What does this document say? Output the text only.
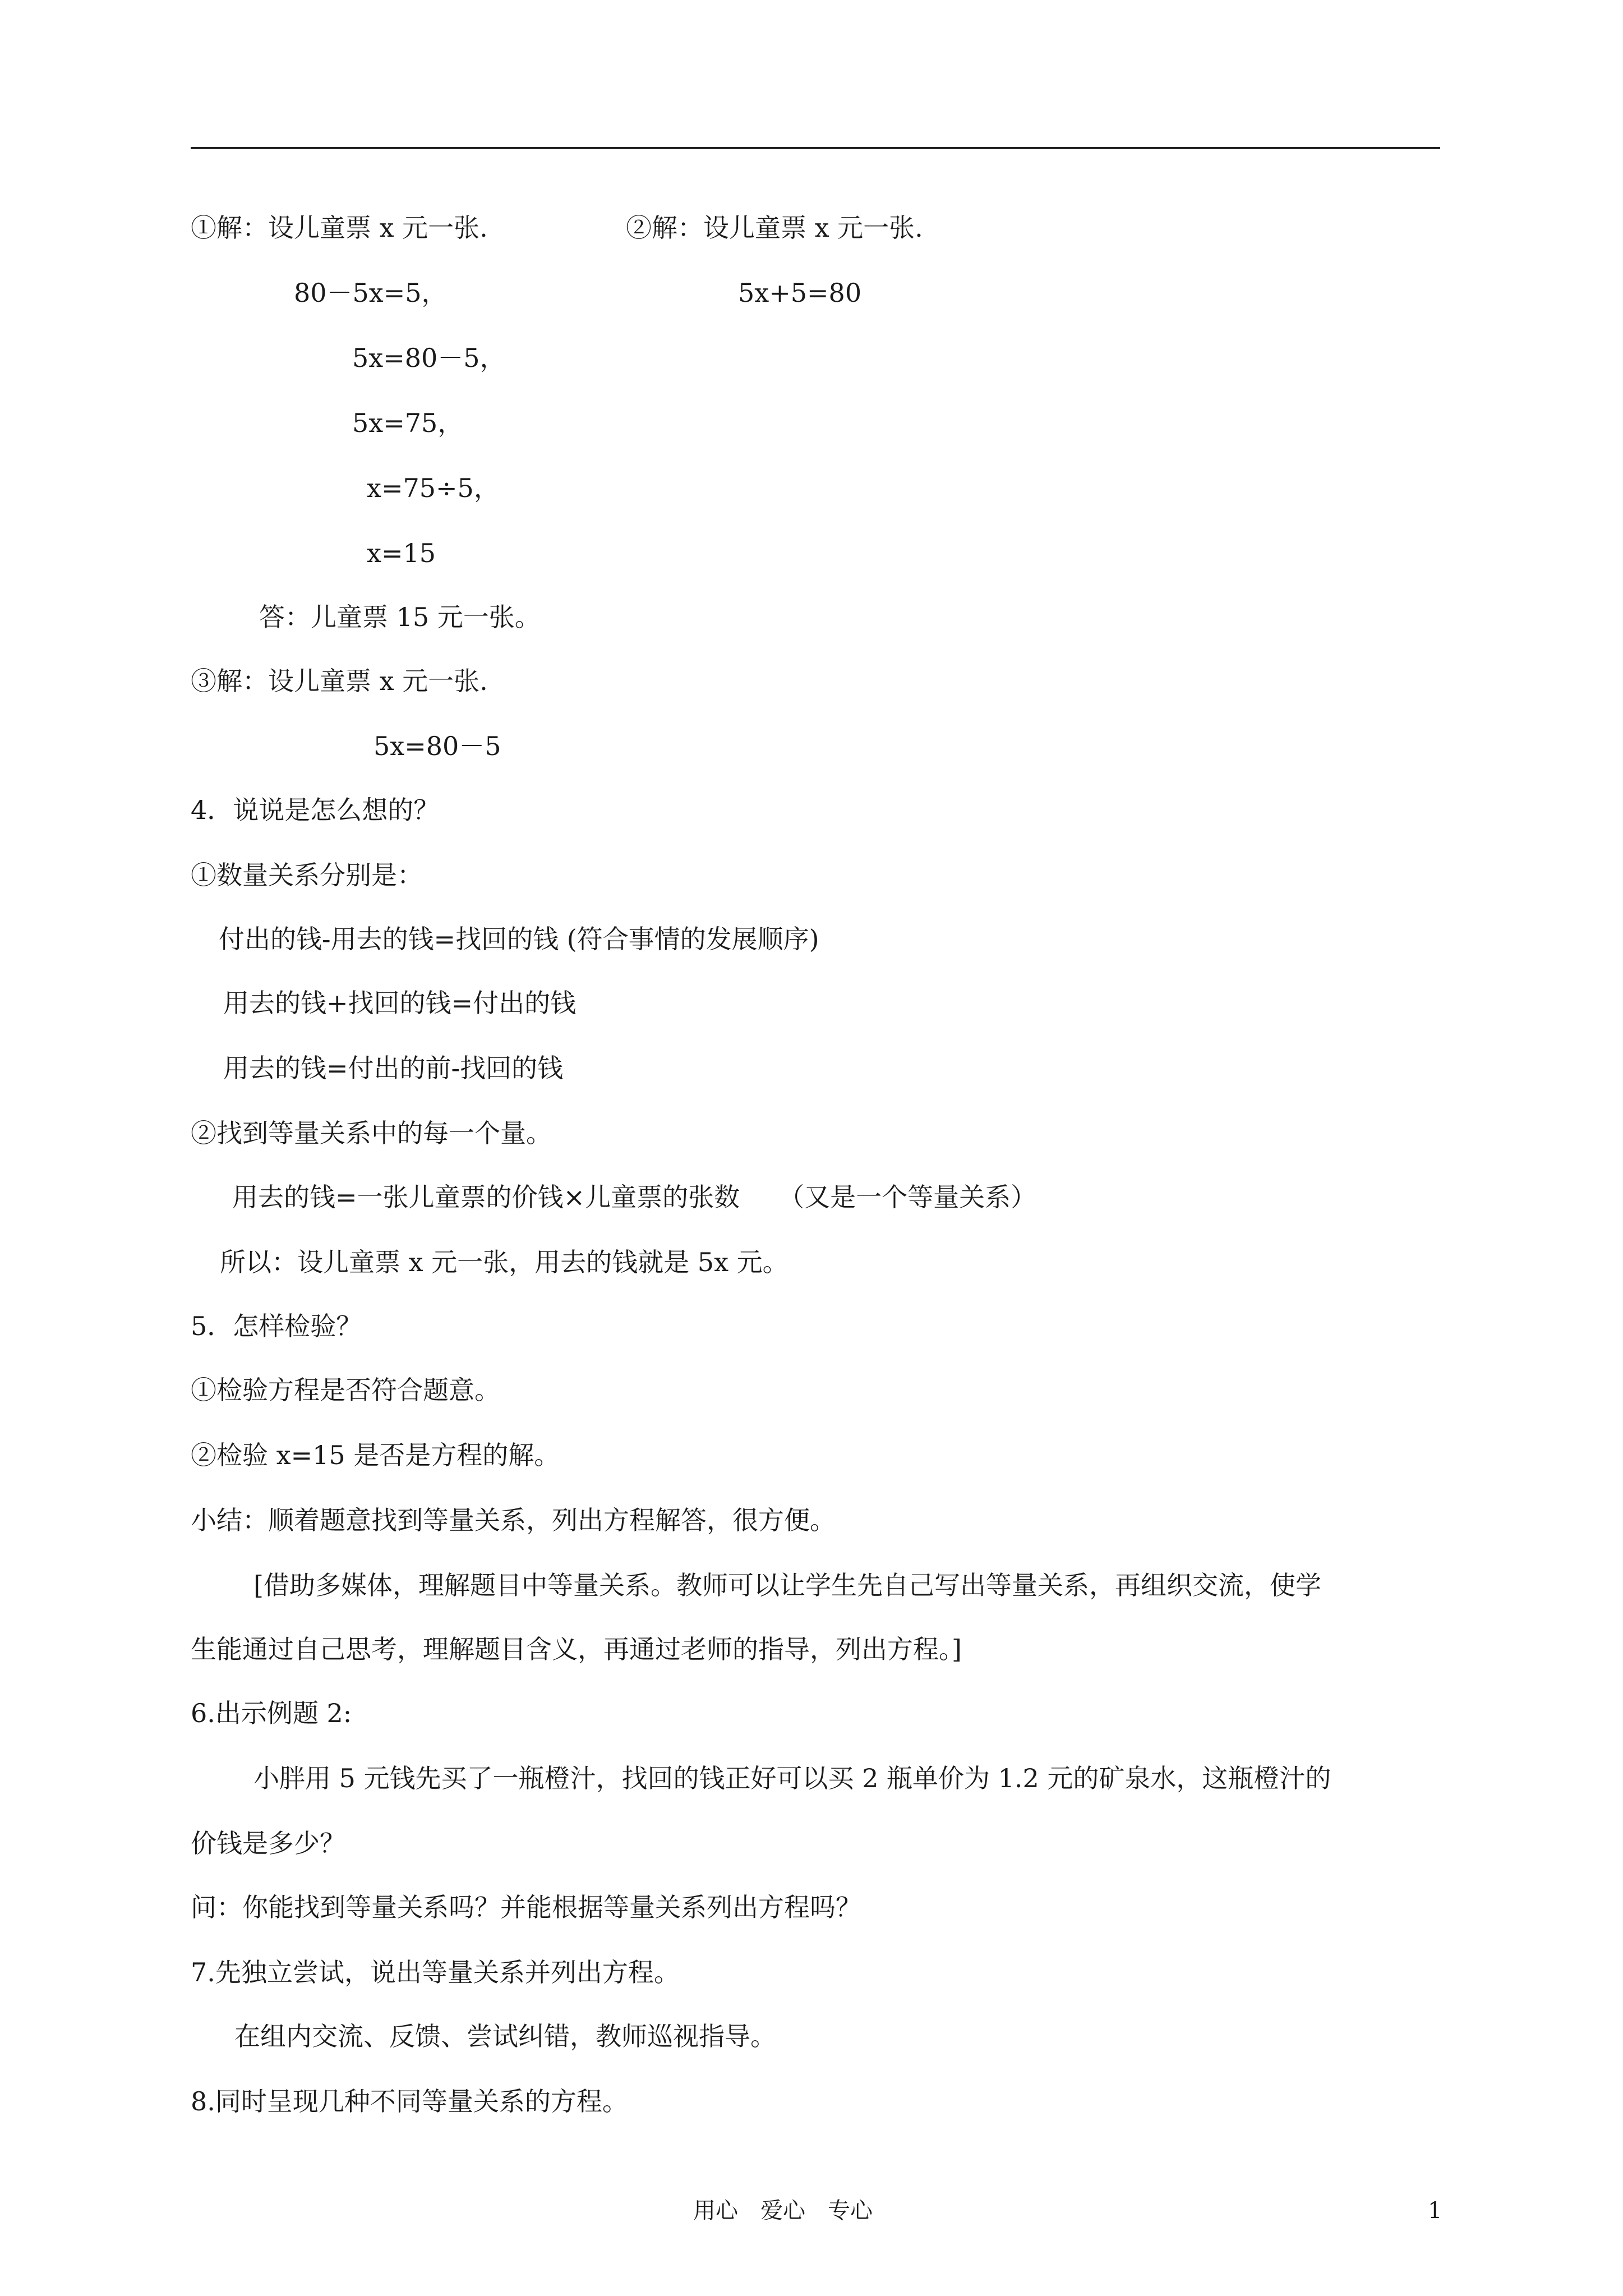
①解：设儿童票 x 元一张.	②解：设儿童票 x 元一张.
80－5x=5，	5x+5=80
5x=80－5，
5x=75，
x=75÷5，
x=15
答：儿童票 15 元一张。
③解：设儿童票 x 元一张.
5x=80－5
4．说说是怎么想的？
①数量关系分别是：
付出的钱-用去的钱=找回的钱 (符合事情的发展顺序)
用去的钱+找回的钱=付出的钱
用去的钱=付出的前-找回的钱
②找到等量关系中的每一个量。
用去的钱=一张儿童票的价钱×儿童票的张数　　（又是一个等量关系）
所以：设儿童票 x 元一张，用去的钱就是 5x 元。
5．怎样检验？
①检验方程是否符合题意。
②检验 x=15 是否是方程的解。
小结：顺着题意找到等量关系，列出方程解答，很方便。
[借助多媒体，理解题目中等量关系。教师可以让学生先自己写出等量关系，再组织交流，使学
生能通过自己思考，理解题目含义，再通过老师的指导，列出方程。]
6.出示例题 2:
小胖用 5 元钱先买了一瓶橙汁，找回的钱正好可以买 2 瓶单价为 1.2 元的矿泉水，这瓶橙汁的
价钱是多少？
问：你能找到等量关系吗？并能根据等量关系列出方程吗？
7.先独立尝试，说出等量关系并列出方程。
在组内交流、反馈、尝试纠错，教师巡视指导。
8.同时呈现几种不同等量关系的方程。
用心　爱心　专心	1
